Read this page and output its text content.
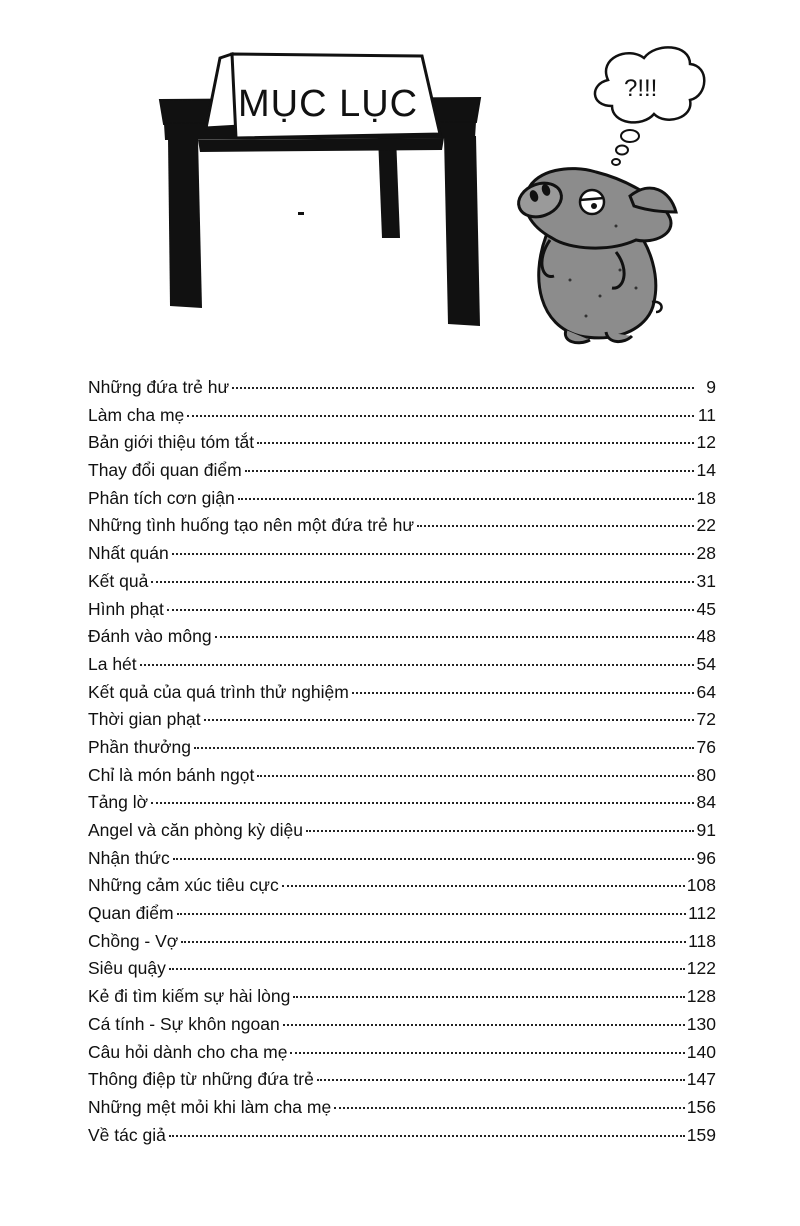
MỤC LỤC	?!!!
Những đứa trẻ hư	9
Làm cha mẹ	11
Bản giới thiệu tóm tắt	12
Thay đổi quan điểm	14
Phân tích cơn giận	18
Những tình huống tạo nên một đứa trẻ hư	22
Nhất quán	28
Kết quả	31
Hình phạt	45
Đánh vào mông	48
La hét	54
Kết quả của quá trình thử nghiệm	64
Thời gian phạt	72
Phần thưởng	76
Chỉ là món bánh ngọt	80
Tảng lờ	84
Angel và căn phòng kỳ diệu	91
Nhận thức	96
Những cảm xúc tiêu cực	108
Quan điểm	112
Chồng - Vợ	118
Siêu quậy	122
Kẻ đi tìm kiếm sự hài lòng	128
Cá tính - Sự khôn ngoan	130
Câu hỏi dành cho cha mẹ	140
Thông điệp từ những đứa trẻ	147
Những mệt mỏi khi làm cha mẹ	156
Về tác giả	159
